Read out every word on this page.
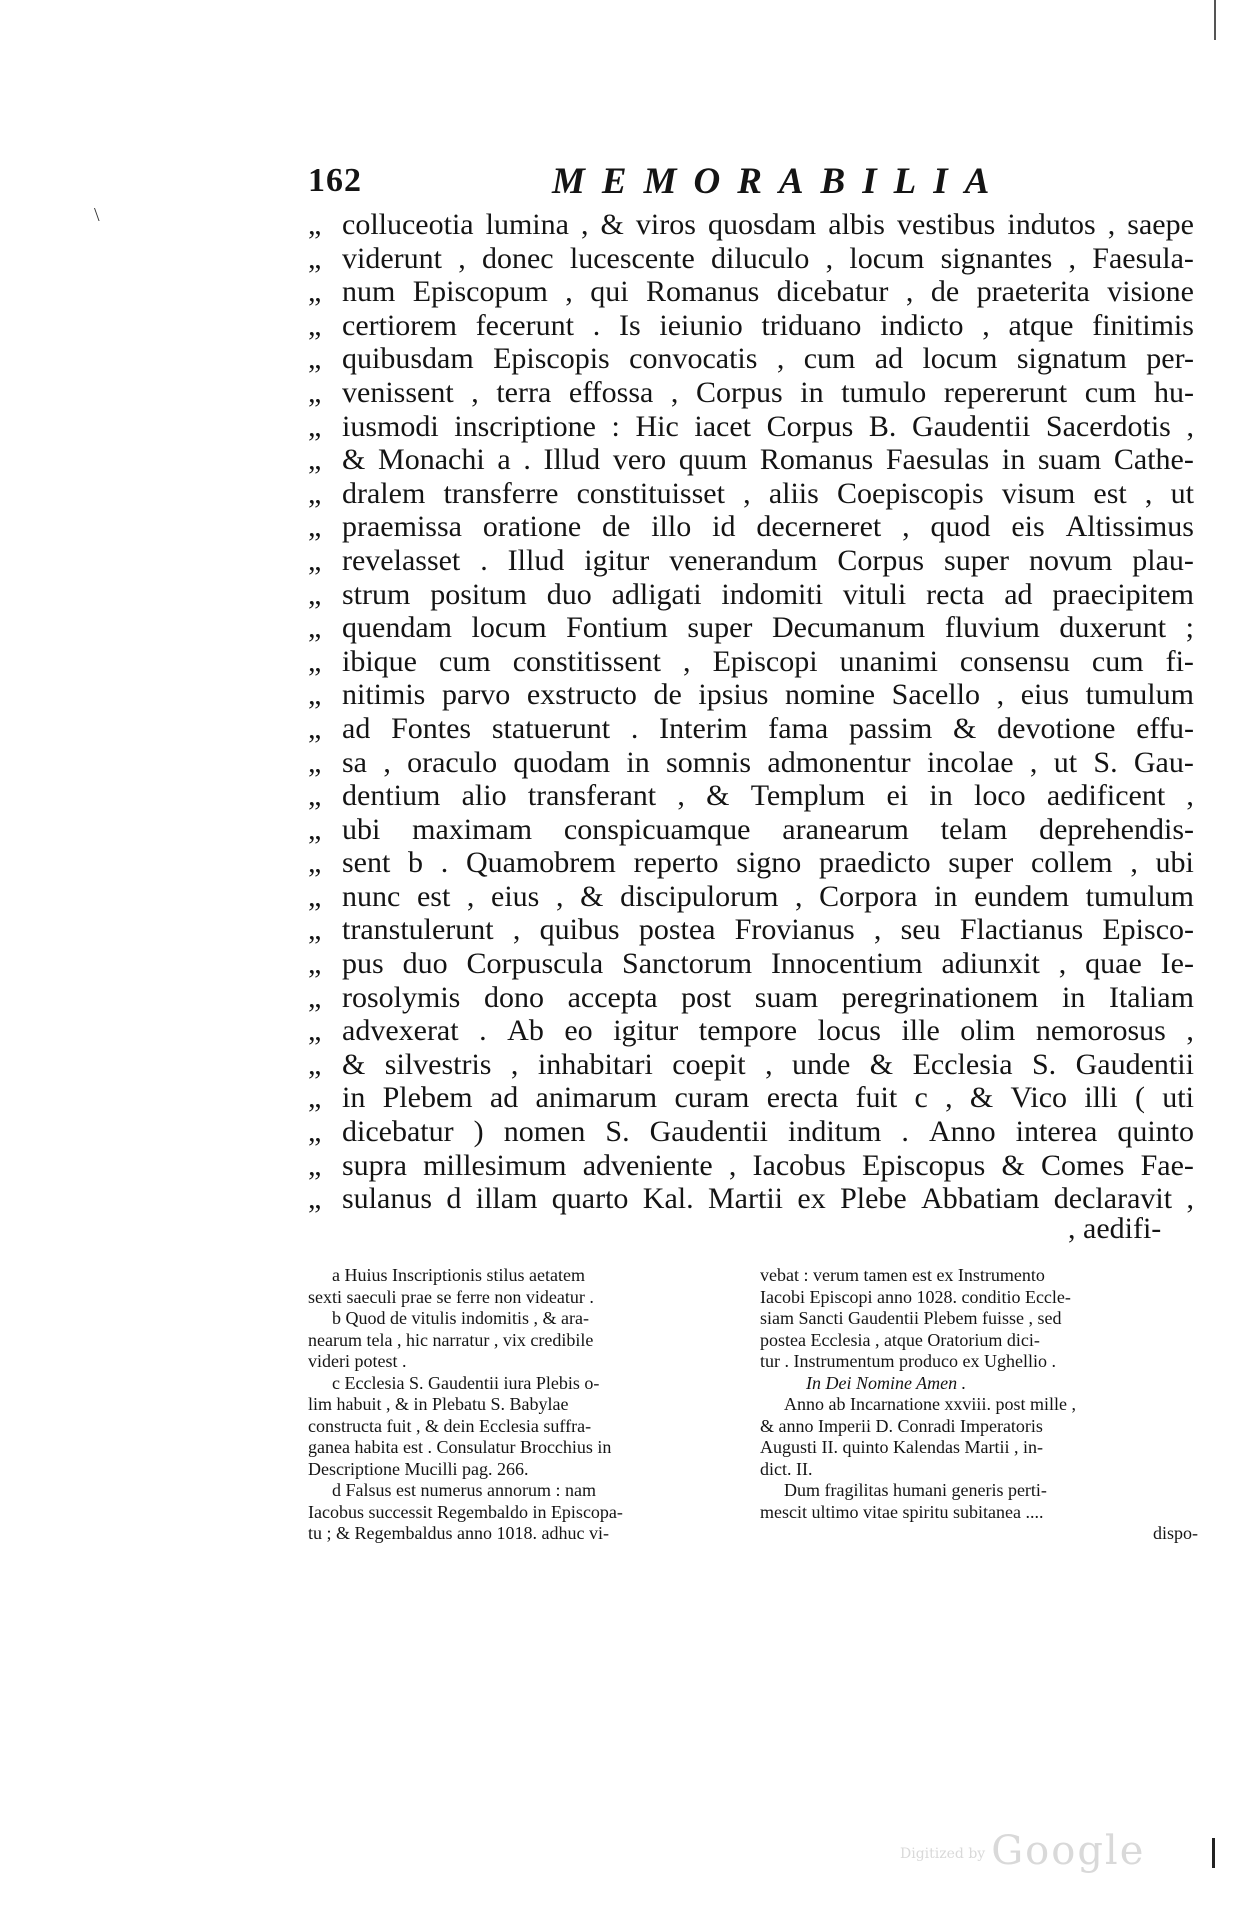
\
162	MEMORABILIA
„ colluceotia lumina , & viros quosdam albis vestibus indutos , saepe
„ viderunt , donec lucescente diluculo , locum signantes , Faesula-
„ num Episcopum , qui Romanus dicebatur , de praeterita visione
„ certiorem fecerunt . Is ieiunio triduano indicto , atque finitimis
„ quibusdam Episcopis convocatis , cum ad locum signatum per-
„ venissent , terra effossa , Corpus in tumulo repererunt cum hu-
„ iusmodi inscriptione : Hic iacet Corpus B. Gaudentii Sacerdotis ,
„ & Monachi a . Illud vero quum Romanus Faesulas in suam Cathe-
„ dralem transferre constituisset , aliis Coepiscopis visum est , ut
„ praemissa oratione de illo id decerneret , quod eis Altissimus
„ revelasset . Illud igitur venerandum Corpus super novum plau-
„ strum positum duo adligati indomiti vituli recta ad praecipitem
„ quendam locum Fontium super Decumanum fluvium duxerunt ;
„ ibique cum constitissent , Episcopi unanimi consensu cum fi-
„ nitimis parvo exstructo de ipsius nomine Sacello , eius tumulum
„ ad Fontes statuerunt . Interim fama passim & devotione effu-
„ sa , oraculo quodam in somnis admonentur incolae , ut S. Gau-
„ dentium alio transferant , & Templum ei in loco aedificent ,
„ ubi maximam conspicuamque aranearum telam deprehendis-
„ sent b . Quamobrem reperto signo praedicto super collem , ubi
„ nunc est , eius , & discipulorum , Corpora in eundem tumulum
„ transtulerunt , quibus postea Frovianus , seu Flactianus Episco-
„ pus duo Corpuscula Sanctorum Innocentium adiunxit , quae Ie-
„ rosolymis dono accepta post suam peregrinationem in Italiam
„ advexerat . Ab eo igitur tempore locus ille olim nemorosus ,
„ & silvestris , inhabitari coepit , unde & Ecclesia S. Gaudentii
„ in Plebem ad animarum curam erecta fuit c , & Vico illi ( uti
„ dicebatur ) nomen S. Gaudentii inditum . Anno interea quinto
„ supra millesimum adveniente , Iacobus Episcopus & Comes Fae-
„ sulanus d illam quarto Kal. Martii ex Plebe Abbatiam declaravit ,
, aedifi-
a Huius Inscriptionis stilus aetatem
sexti saeculi prae se ferre non videatur .
b Quod de vitulis indomitis , & ara-
nearum tela , hic narratur , vix credibile
videri potest .
c Ecclesia S. Gaudentii iura Plebis o-
lim habuit , & in Plebatu S. Babylae
constructa fuit , & dein Ecclesia suffra-
ganea habita est . Consulatur Brocchius in
Descriptione Mucilli pag. 266.
d Falsus est numerus annorum : nam
Iacobus successit Regembaldo in Episcopa-
tu ; & Regembaldus anno 1018. adhuc vi-
vebat : verum tamen est ex Instrumento
Iacobi Episcopi anno 1028. conditio Eccle-
siam Sancti Gaudentii Plebem fuisse , sed
postea Ecclesia , atque Oratorium dici-
tur . Instrumentum produco ex Ughellio .
In Dei Nomine Amen .
Anno ab Incarnatione xxviii. post mille ,
& anno Imperii D. Conradi Imperatoris
Augusti II. quinto Kalendas Martii , in-
dict. II.
Dum fragilitas humani generis perti-
mescit ultimo vitae spiritu subitanea ....
dispo-
Digitized by Google
